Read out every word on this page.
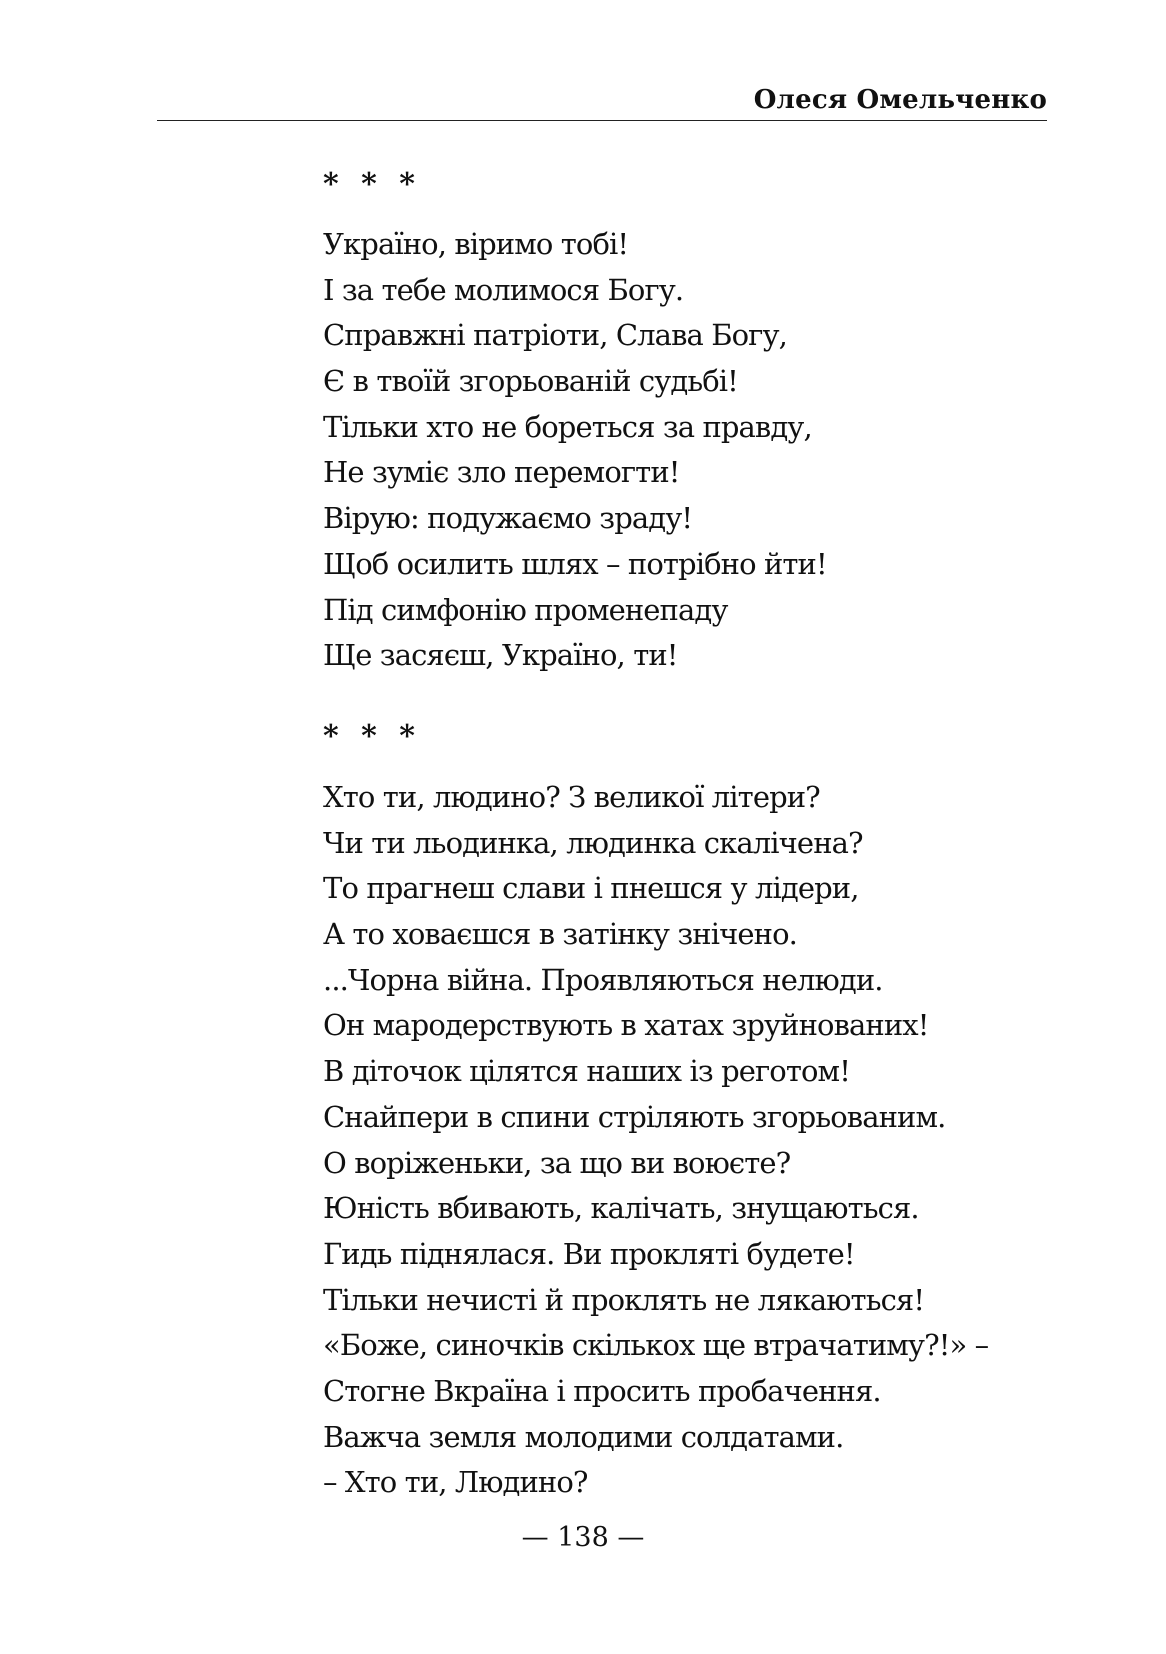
Олеся Омельченко
* * *
Україно, віримо тобі!
І за тебе молимося Богу.
Справжні патріоти, Слава Богу,
Є в твоїй згорьованій судьбі!
Тільки хто не бореться за правду,
Не зуміє зло перемогти!
Вірую: подужаємо зраду!
Щоб осилить шлях – потрібно йти!
Під симфонію променепаду
Ще засяєш, Україно, ти!
* * *
Хто ти, людино? З великої літери?
Чи ти льодинка, людинка скалічена?
То прагнеш слави і пнешся у лідери,
А то ховаєшся в затінку знічено.
...Чорна війна. Проявляються нелюди.
Он мародерствують в хатах зруйнованих!
В діточок цілятся наших із реготом!
Снайпери в спини стріляють згорьованим.
О воріженьки, за що ви воюєте?
Юність вбивають, калічать, знущаються.
Гидь піднялася. Ви прокляті будете!
Тільки нечисті й проклять не лякаються!
«Боже, синочків скількох ще втрачатиму?!» –
Стогне Вкраїна і просить пробачення.
Важча земля молодими солдатами.
– Хто ти, Людино?
— 138 —
